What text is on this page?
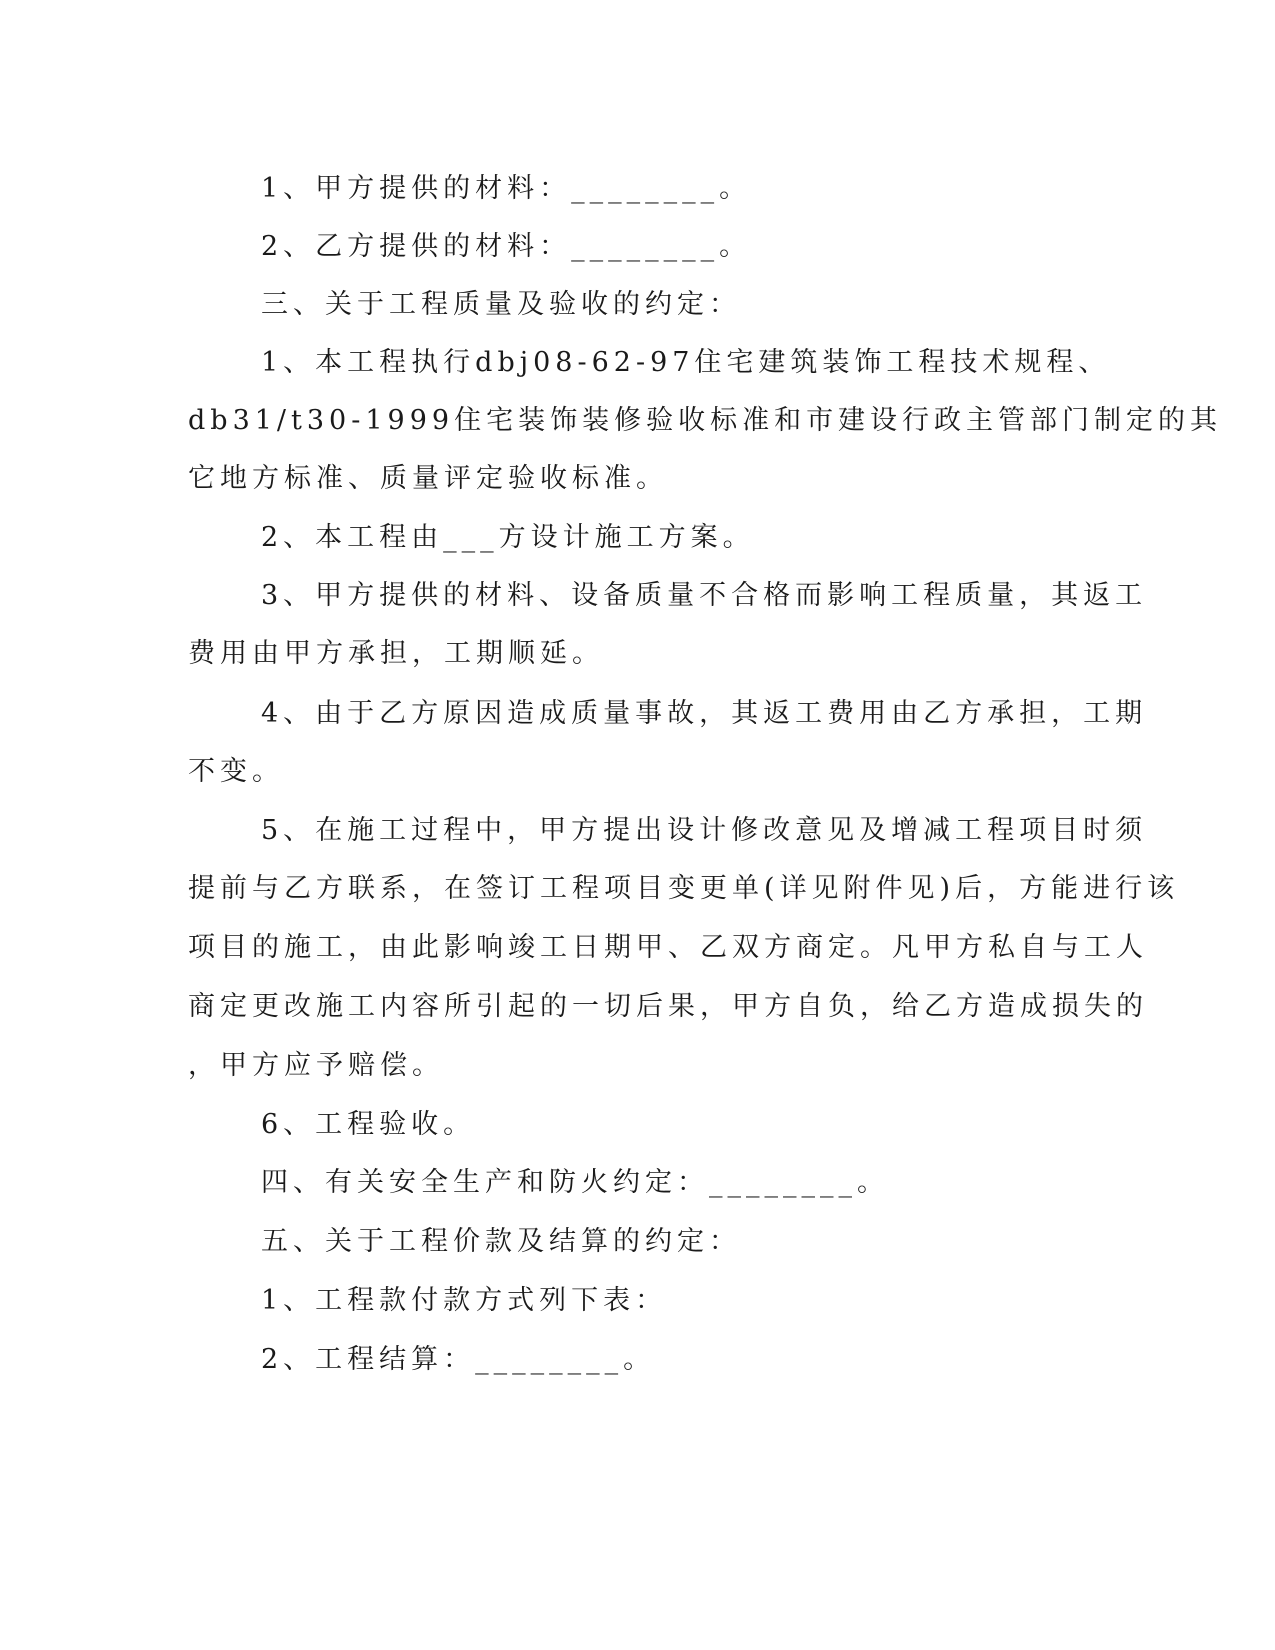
1、甲方提供的材料：________。
2、乙方提供的材料：________。
三、关于工程质量及验收的约定：
1、本工程执行dbj08-62-97住宅建筑装饰工程技术规程、
db31/t30-1999住宅装饰装修验收标准和市建设行政主管部门制定的其
它地方标准、质量评定验收标准。
2、本工程由___方设计施工方案。
3、甲方提供的材料、设备质量不合格而影响工程质量，其返工
费用由甲方承担，工期顺延。
4、由于乙方原因造成质量事故，其返工费用由乙方承担，工期
不变。
5、在施工过程中，甲方提出设计修改意见及增减工程项目时须
提前与乙方联系，在签订工程项目变更单(详见附件见)后，方能进行该
项目的施工，由此影响竣工日期甲、乙双方商定。凡甲方私自与工人
商定更改施工内容所引起的一切后果，甲方自负，给乙方造成损失的
，甲方应予赔偿。
6、工程验收。
四、有关安全生产和防火约定：________。
五、关于工程价款及结算的约定：
1、工程款付款方式列下表：
2、工程结算：________。
